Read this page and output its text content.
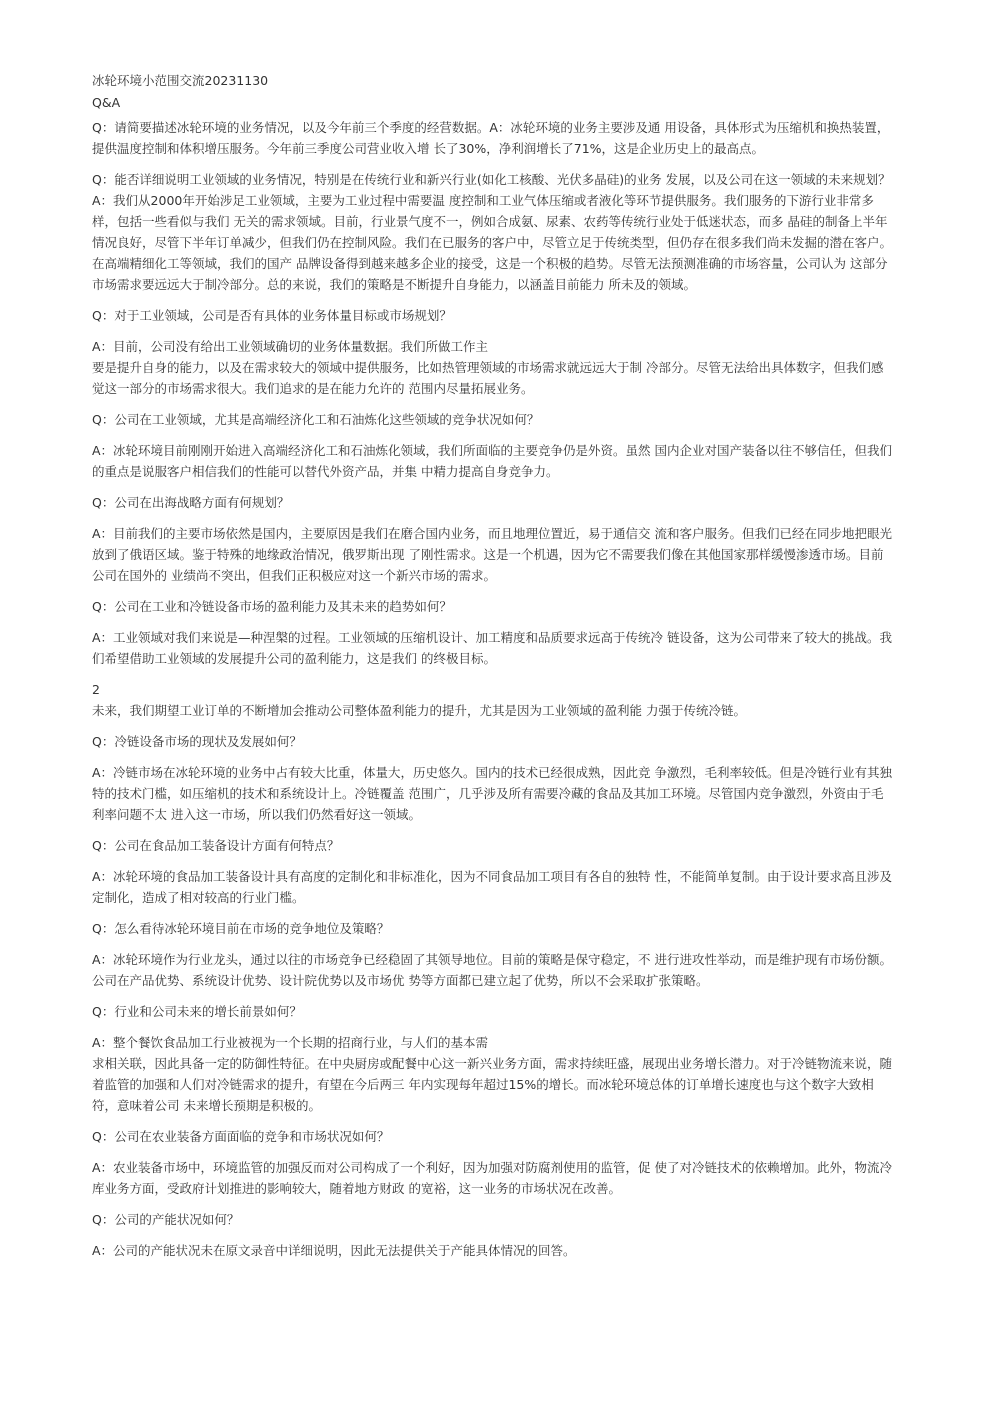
冰轮环境小范围交流20231130
Q&A
Q：请简要描述冰轮环境的业务情况，以及今年前三个季度的经营数据。A：冰轮环境的业务主要涉及通 用设备，具体形式为压缩机和换热装置，
提供温度控制和体积增压服务。今年前三季度公司营业收入增 长了30%，净利润增长了71%，这是企业历史上的最高点。
Q：能否详细说明工业领域的业务情况，特别是在传统行业和新兴行业(如化工核酸、光伏多晶硅)的业务 发展，以及公司在这一领域的未来规划？
A：我们从2000年开始涉足工业领域，主要为工业过程中需要温 度控制和工业气体压缩或者液化等环节提供服务。我们服务的下游行业非常多
样，包括一些看似与我们 无关的需求领域。目前，行业景气度不一，例如合成氨、尿素、农药等传统行业处于低迷状态，而多 晶硅的制备上半年
情况良好，尽管下半年订单减少，但我们仍在控制风险。我们在已服务的客户中，尽管立足于传统类型，但仍存在很多我们尚未发掘的潜在客户。
在高端精细化工等领域，我们的国产 品牌设备得到越来越多企业的接受，这是一个积极的趋势。尽管无法预测准确的市场容量，公司认为 这部分
市场需求要远远大于制冷部分。总的来说，我们的策略是不断提升自身能力，以涵盖目前能力 所未及的领域。
Q：对于工业领域，公司是否有具体的业务体量目标或市场规划？
A：目前，公司没有给出工业领域确切的业务体量数据。我们所做工作主
要是提升自身的能力，以及在需求较大的领域中提供服务，比如热管理领域的市场需求就远远大于制 冷部分。尽管无法给出具体数字，但我们感
觉这一部分的市场需求很大。我们追求的是在能力允许的 范围内尽量拓展业务。
Q：公司在工业领域，尤其是高端经济化工和石油炼化这些领域的竞争状况如何？
A：冰轮环境目前刚刚开始进入高端经济化工和石油炼化领域，我们所面临的主要竞争仍是外资。虽然 国内企业对国产装备以往不够信任，但我们
的重点是说服客户相信我们的性能可以替代外资产品，并集 中精力提高自身竞争力。
Q：公司在出海战略方面有何规划？
A：目前我们的主要市场依然是国内，主要原因是我们在磨合国内业务，而且地理位置近，易于通信交 流和客户服务。但我们已经在同步地把眼光
放到了俄语区域。鉴于特殊的地缘政治情况，俄罗斯出现 了刚性需求。这是一个机遇，因为它不需要我们像在其他国家那样缓慢渗透市场。目前
公司在国外的 业绩尚不突出，但我们正积极应对这一个新兴市场的需求。
Q：公司在工业和冷链设备市场的盈利能力及其未来的趋势如何？
A：工业领域对我们来说是—种涅槃的过程。工业领域的压缩机设计、加工精度和品质要求远高于传统冷 链设备，这为公司带来了较大的挑战。我
们希望借助工业领域的发展提升公司的盈利能力，这是我们 的终极目标。
2
未来，我们期望工业订单的不断增加会推动公司整体盈利能力的提升，尤其是因为工业领域的盈利能 力强于传统冷链。
Q：冷链设备市场的现状及发展如何？
A：冷链市场在冰轮环境的业务中占有较大比重，体量大，历史悠久。国内的技术已经很成熟，因此竞 争激烈，毛利率较低。但是冷链行业有其独
特的技术门槛，如压缩机的技术和系统设计上。冷链覆盖 范围广，几乎涉及所有需要冷藏的食品及其加工环境。尽管国内竞争激烈，外资由于毛
利率问题不太 进入这一市场，所以我们仍然看好这一领域。
Q：公司在食品加工装备设计方面有何特点？
A：冰轮环境的食品加工装备设计具有高度的定制化和非标准化，因为不同食品加工项目有各自的独特 性，不能简单复制。由于设计要求高且涉及
定制化，造成了相对较高的行业门槛。
Q：怎么看待冰轮环境目前在市场的竞争地位及策略？
A：冰轮环境作为行业龙头，通过以往的市场竞争已经稳固了其领导地位。目前的策略是保守稳定，不 进行进攻性举动，而是维护现有市场份额。
公司在产品优势、系统设计优势、设计院优势以及市场优 势等方面都已建立起了优势，所以不会采取扩张策略。
Q：行业和公司未来的增长前景如何？
A：整个餐饮食品加工行业被视为一个长期的招商行业，与人们的基本需
求相关联，因此具备一定的防御性特征。在中央厨房或配餐中心这一新兴业务方面，需求持续旺盛，展现出业务增长潜力。对于冷链物流来说，随
着监管的加强和人们对冷链需求的提升，有望在今后两三 年内实现每年超过15%的增长。而冰轮环境总体的订单增长速度也与这个数字大致相
符，意味着公司 未来增长预期是积极的。
Q：公司在农业装备方面面临的竞争和市场状况如何？
A：农业装备市场中，环境监管的加强反而对公司构成了一个利好，因为加强对防腐剂使用的监管，促 使了对冷链技术的依赖增加。此外，物流冷
库业务方面，受政府计划推进的影响较大，随着地方财政 的宽裕，这一业务的市场状况在改善。
Q：公司的产能状况如何？
A：公司的产能状况未在原文录音中详细说明，因此无法提供关于产能具体情况的回答。
